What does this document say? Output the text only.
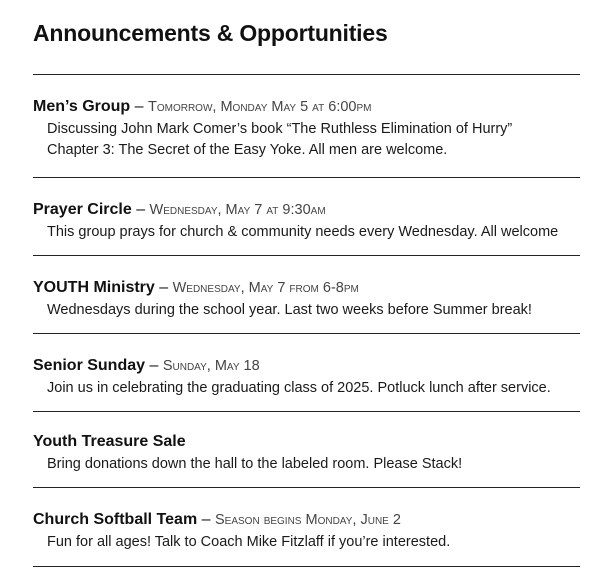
Announcements & Opportunities
Men’s Group – Tomorrow, Monday May 5 at 6:00pm
Discussing John Mark Comer’s book “The Ruthless Elimination of Hurry”
Chapter 3: The Secret of the Easy Yoke. All men are welcome.
Prayer Circle – Wednesday, May 7 at 9:30am
This group prays for church & community needs every Wednesday. All welcome
YOUTH Ministry – Wednesday, May 7 from 6-8pm
Wednesdays during the school year. Last two weeks before Summer break!
Senior Sunday – Sunday, May 18
Join us in celebrating the graduating class of 2025. Potluck lunch after service.
Youth Treasure Sale
Bring donations down the hall to the labeled room. Please Stack!
Church Softball Team – Season begins Monday, June 2
Fun for all ages! Talk to Coach Mike Fitzlaff if you’re interested.
